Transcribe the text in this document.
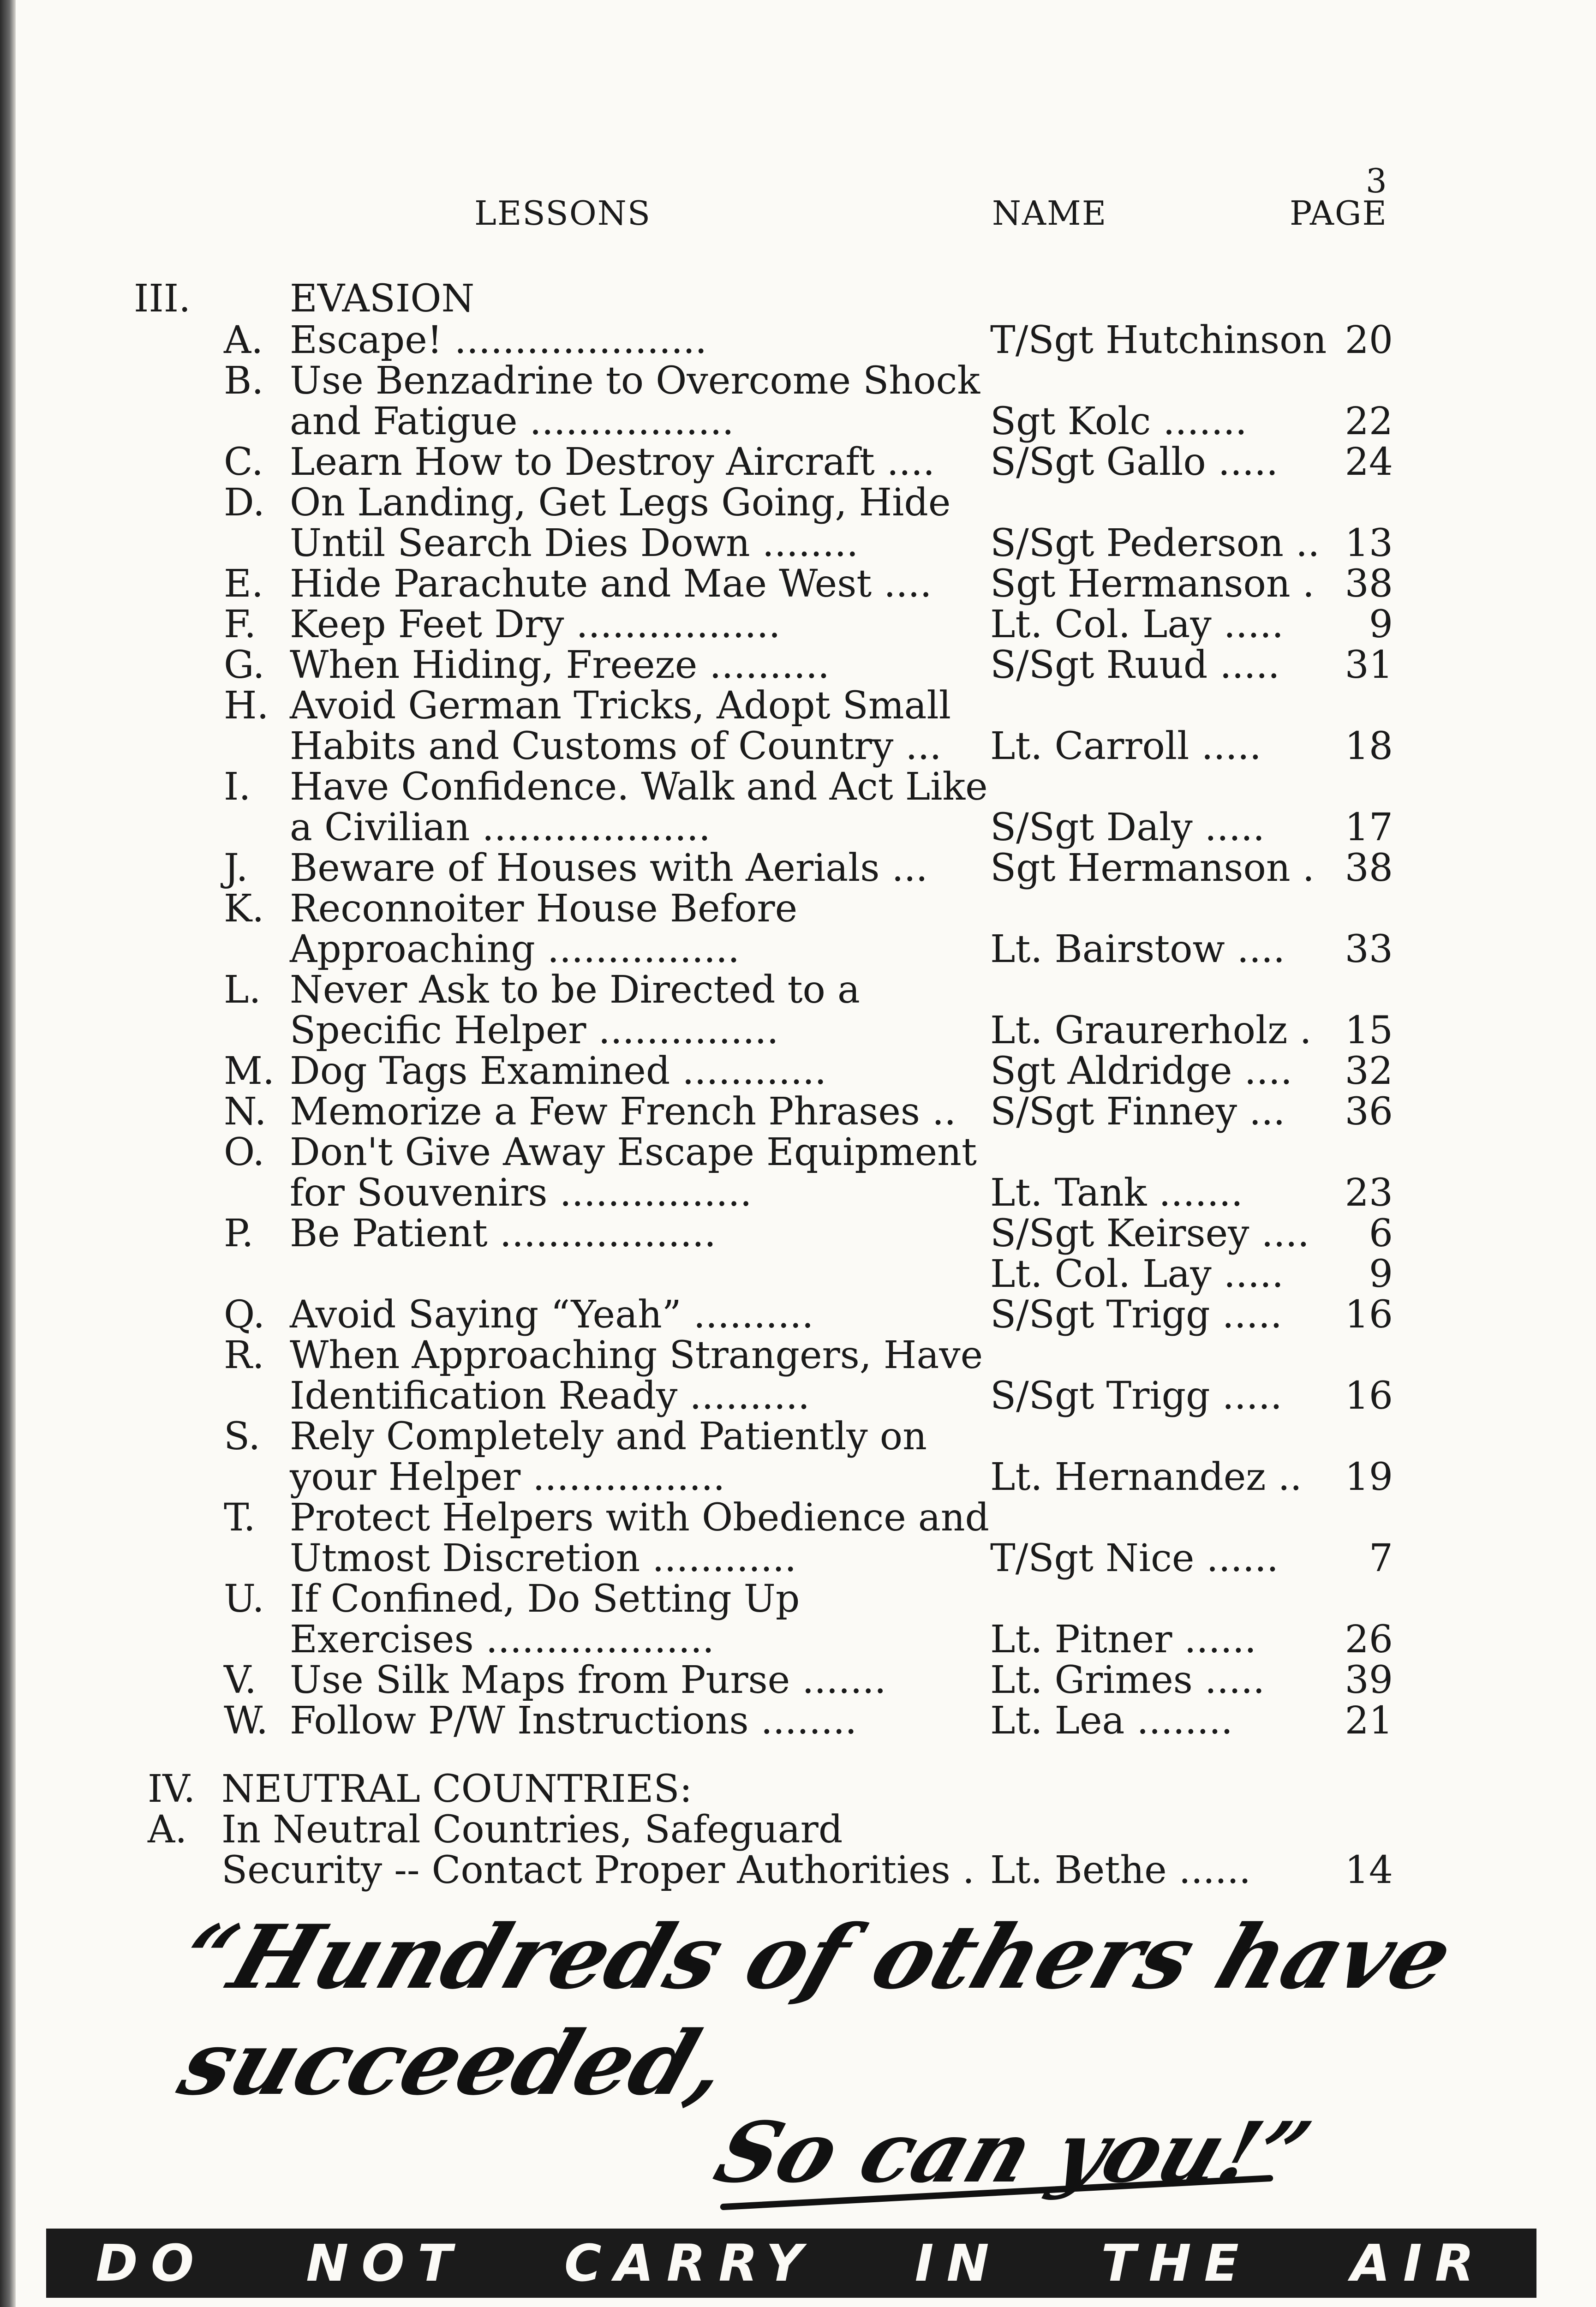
3
LESSONS	NAME	PAGE
III.	EVASION
A. Escape! .....................	T/Sgt Hutchinson 20
B. Use Benzadrine to Overcome Shock
and Fatigue .................	Sgt Kolc .......	22
C. Learn How to Destroy Aircraft .... S/Sgt Gallo ..... 24
D. On Landing, Get Legs Going, Hide
Until Search Dies Down ........	S/Sgt Pederson .. 13
E. Hide Parachute and Mae West .... Sgt Hermanson . 38
F. Keep Feet Dry .................	Lt. Col. Lay ..... 9
G. When Hiding, Freeze ..........	S/Sgt Ruud ..... 31
H. Avoid German Tricks, Adopt Small
Habits and Customs of Country ... Lt. Carroll ..... 18
I. Have Confidence. Walk and Act Like
a Civilian ...................	S/Sgt Daly ..... 17
J. Beware of Houses with Aerials ... Sgt Hermanson . 38
K. Reconnoiter House Before
Approaching ................	Lt. Bairstow .... 33
L. Never Ask to be Directed to a
Specific Helper ...............	Lt. Graurerholz . 15
M. Dog Tags Examined ............	Sgt Aldridge .... 32
N. Memorize a Few French Phrases .. S/Sgt Finney ... 36
O. Don't Give Away Escape Equipment
for Souvenirs ................	Lt. Tank .......	23
P. Be Patient ..................	S/Sgt Keirsey .... 6
Lt. Col. Lay ..... 9
Q. Avoid Saying “Yeah” ..........	S/Sgt Trigg ..... 16
R. When Approaching Strangers, Have
Identification Ready ..........	S/Sgt Trigg ..... 16
S. Rely Completely and Patiently on
your Helper ................	Lt. Hernandez .. 19
T. Protect Helpers with Obedience and
Utmost Discretion ............	T/Sgt Nice ...... 7
U. If Confined, Do Setting Up
Exercises ...................	Lt. Pitner ...... 26
V. Use Silk Maps from Purse .......	Lt. Grimes ..... 39
W. Follow P/W Instructions ........	Lt. Lea ........	21
IV. NEUTRAL COUNTRIES:
A. In Neutral Countries, Safeguard
Security -- Contact Proper Authorities . Lt. Bethe ...... 14
“Hundreds of others have
succeeded,
So can you!”
DO NOT CARRY IN THE AIR
